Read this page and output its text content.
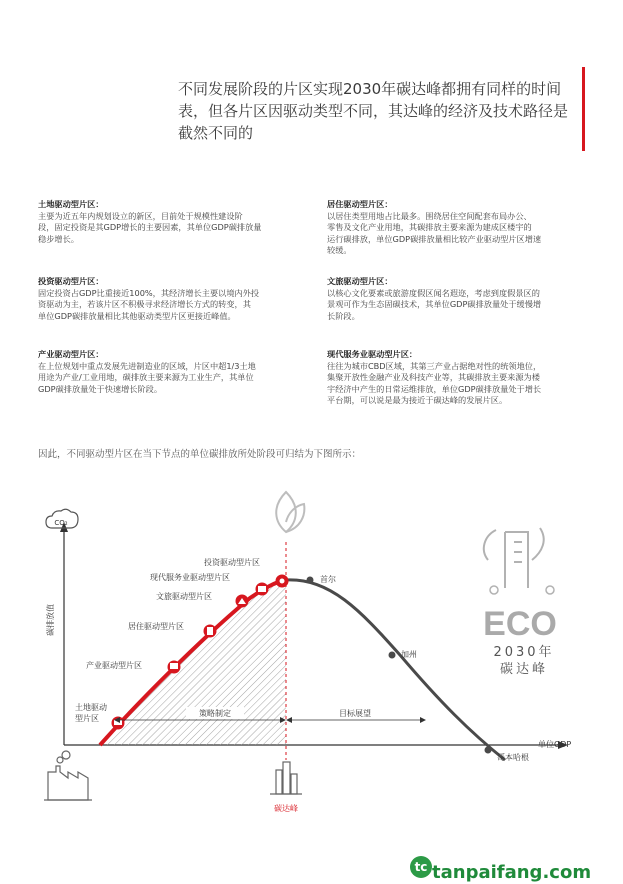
不同发展阶段的片区实现2030年碳达峰都拥有同样的时间
表，但各片区因驱动类型不同，其达峰的经济及技术路径是
截然不同的
土地驱动型片区：
主要为近五年内规划设立的新区，目前处于规模性建设阶
段，固定投资是其GDP增长的主要因素，其单位GDP碳排放量
稳步增长。
投资驱动型片区：
固定投资占GDP比重接近100%，其经济增长主要以境内外投
资驱动为主，若该片区不积极寻求经济增长方式的转变，其
单位GDP碳排放量相比其他驱动类型片区更接近峰值。
产业驱动型片区：
在上位规划中重点发展先进制造业的区域，片区中超1/3土地
用途为产业/工业用地，碳排放主要来源为工业生产，其单位
GDP碳排放量处于快速增长阶段。
居住驱动型片区：
以居住类型用地占比最多。围绕居住空间配套布局办公、
零售及文化产业用地，其碳排放主要来源为建成区楼宇的
运行碳排放，单位GDP碳排放量相比较产业驱动型片区增速
较缓。
文旅驱动型片区：
以核心文化要素或旅游度假区闻名遐迩，考虑到度假景区的
景观可作为生态固碳技术，其单位GDP碳排放量处于缓慢增
长阶段。
现代服务业驱动型片区：
往往为城市CBD区域，其第三产业占据绝对性的统领地位，
集聚开放性金融产业及科技产业等，其碳排放主要来源为楼
宇经济中产生的日常运维排放，单位GDP碳排放量处于增长
平台期，可以说是最为接近于碳达峰的发展片区。
因此，不同驱动型片区在当下节点的单位碳排放所处阶段可归结为下图所示：
CO₂
碳排放值
单位GDP
土地驱动
型片区
产业驱动型片区
居住驱动型片区
文旅驱动型片区
现代服务业驱动型片区
投资驱动型片区
首尔
加州
哥本哈根
策略制定	目标展望
碳达峰
ECO
2030年
碳达峰
tc tanpaifang.com
